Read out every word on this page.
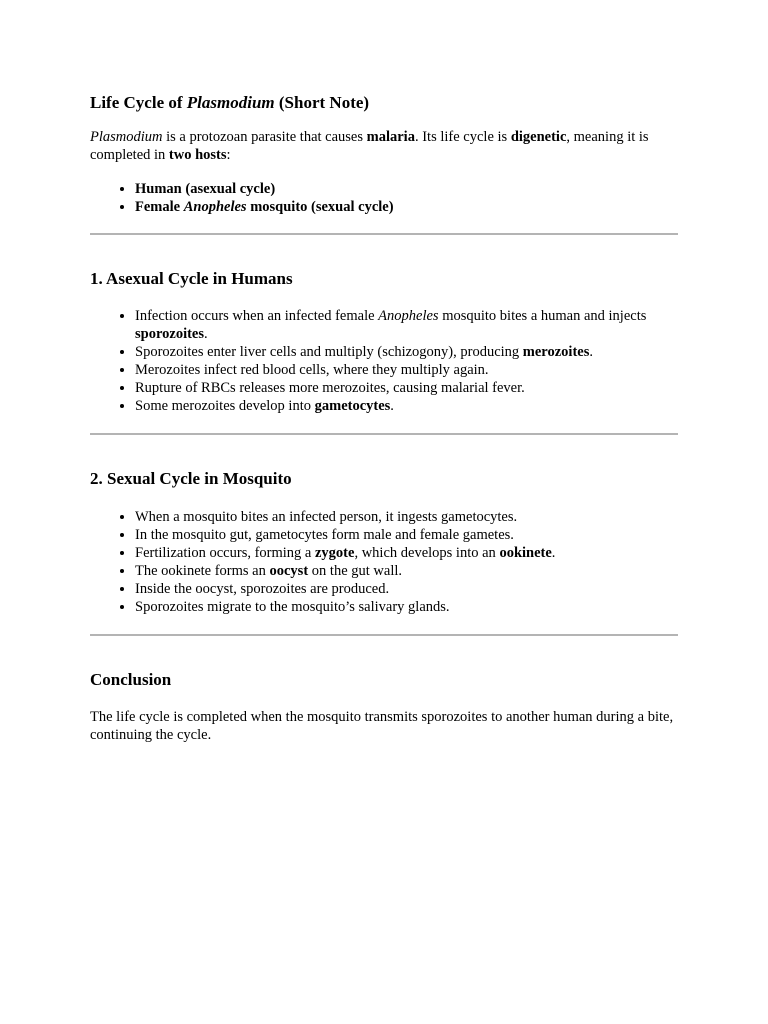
Life Cycle of Plasmodium (Short Note)

Plasmodium is a protozoan parasite that causes malaria. Its life cycle is digenetic, meaning it is completed in two hosts:

• Human (asexual cycle)
• Female Anopheles mosquito (sexual cycle)
1. Asexual Cycle in Humans
• Infection occurs when an infected female Anopheles mosquito bites a human and injects sporozoites.
• Sporozoites enter liver cells and multiply (schizogony), producing merozoites.
• Merozoites infect red blood cells, where they multiply again.
• Rupture of RBCs releases more merozoites, causing malarial fever.
• Some merozoites develop into gametocytes.
2. Sexual Cycle in Mosquito
• When a mosquito bites an infected person, it ingests gametocytes.
• In the mosquito gut, gametocytes form male and female gametes.
• Fertilization occurs, forming a zygote, which develops into an ookinete.
• The ookinete forms an oocyst on the gut wall.
• Inside the oocyst, sporozoites are produced.
• Sporozoites migrate to the mosquito’s salivary glands.
Conclusion

The life cycle is completed when the mosquito transmits sporozoites to another human during a bite, continuing the cycle.
